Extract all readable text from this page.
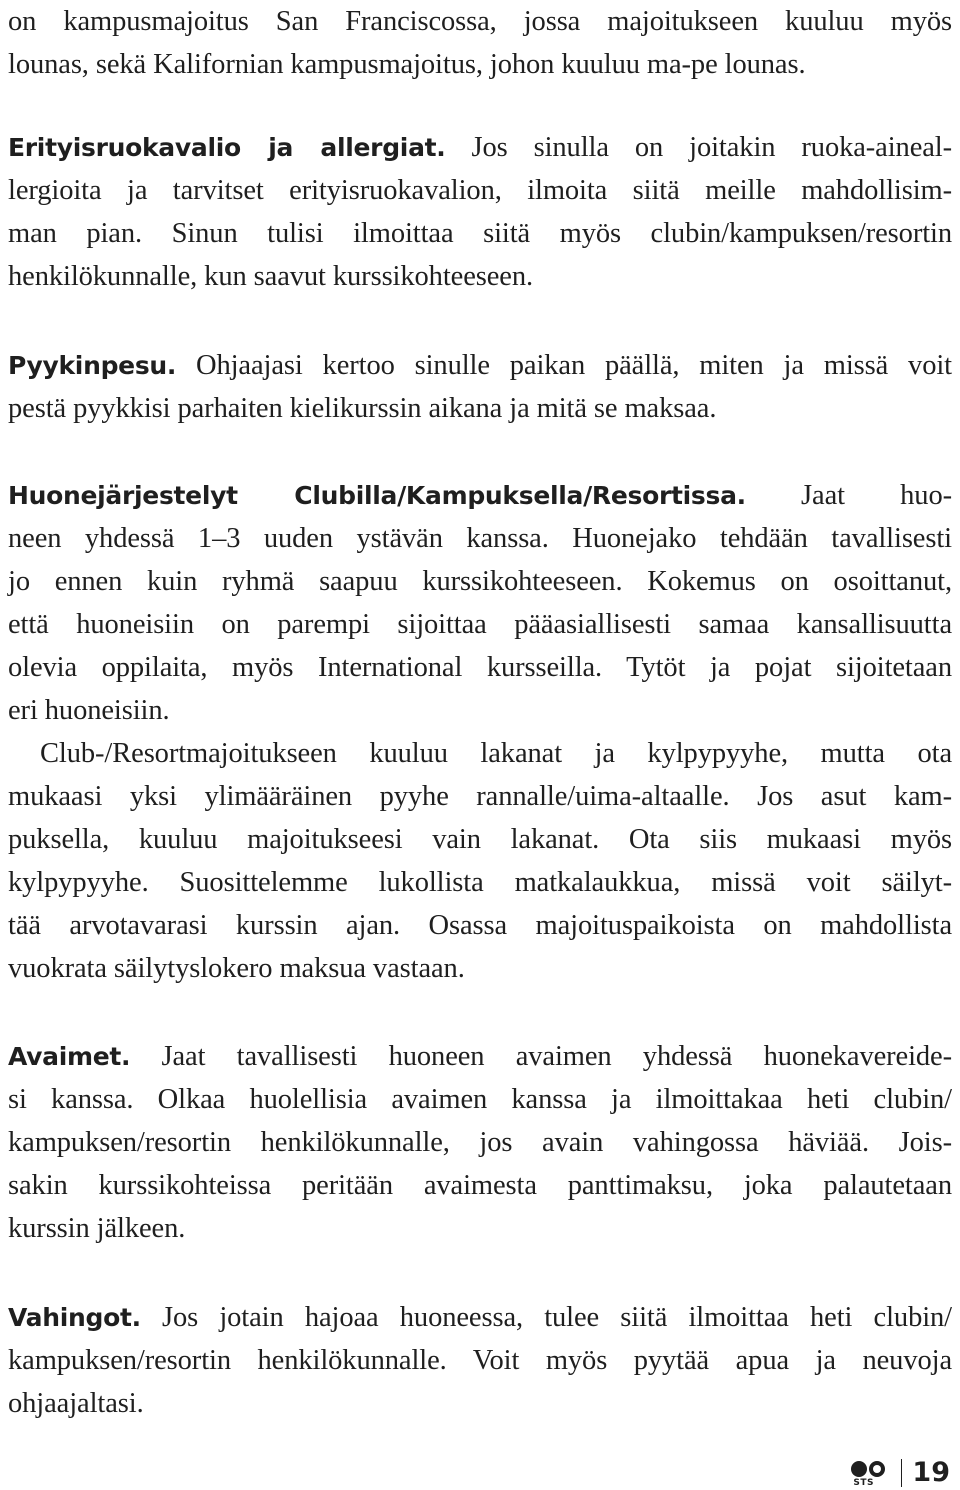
on kampusmajoitus San Franciscossa, jossa majoitukseen kuuluu myös
lounas, sekä Kalifornian kampusmajoitus, johon kuuluu ma-pe lounas.
Erityisruokavalio ja allergiat. Jos sinulla on joitakin ruoka-aineal-
lergioita ja tarvitset erityisruokavalion, ilmoita siitä meille mahdollisim-
man pian. Sinun tulisi ilmoittaa siitä myös clubin/kampuksen/resortin
henkilökunnalle, kun saavut kurssikohteeseen.
Pyykinpesu. Ohjaajasi kertoo sinulle paikan päällä, miten ja missä voit
pestä pyykkisi parhaiten kielikurssin aikana ja mitä se maksaa.
Huonejärjestelyt Clubilla/Kampuksella/Resortissa. Jaat huo-
neen yhdessä 1–3 uuden ystävän kanssa. Huonejako tehdään tavallisesti
jo ennen kuin ryhmä saapuu kurssikohteeseen. Kokemus on osoittanut,
että huoneisiin on parempi sijoittaa pääasiallisesti samaa kansallisuutta
olevia oppilaita, myös International kursseilla. Tytöt ja pojat sijoitetaan
eri huoneisiin.
Club-/Resortmajoitukseen kuuluu lakanat ja kylpypyyhe, mutta ota
mukaasi yksi ylimääräinen pyyhe rannalle/uima-altaalle. Jos asut kam-
puksella, kuuluu majoitukseesi vain lakanat. Ota siis mukaasi myös
kylpypyyhe. Suosittelemme lukollista matkalaukkua, missä voit säilyt-
tää arvotavarasi kurssin ajan. Osassa majoituspaikoista on mahdollista
vuokrata säilytyslokero maksua vastaan.
Avaimet. Jaat tavallisesti huoneen avaimen yhdessä huonekavereide-
si kanssa. Olkaa huolellisia avaimen kanssa ja ilmoittakaa heti clubin/
kampuksen/resortin henkilökunnalle, jos avain vahingossa häviää. Jois-
sakin kurssikohteissa peritään avaimesta panttimaksu, joka palautetaan
kurssin jälkeen.
Vahingot. Jos jotain hajoaa huoneessa, tulee siitä ilmoittaa heti clubin/
kampuksen/resortin henkilökunnalle. Voit myös pyytää apua ja neuvoja
ohjaajaltasi.
STS 19
